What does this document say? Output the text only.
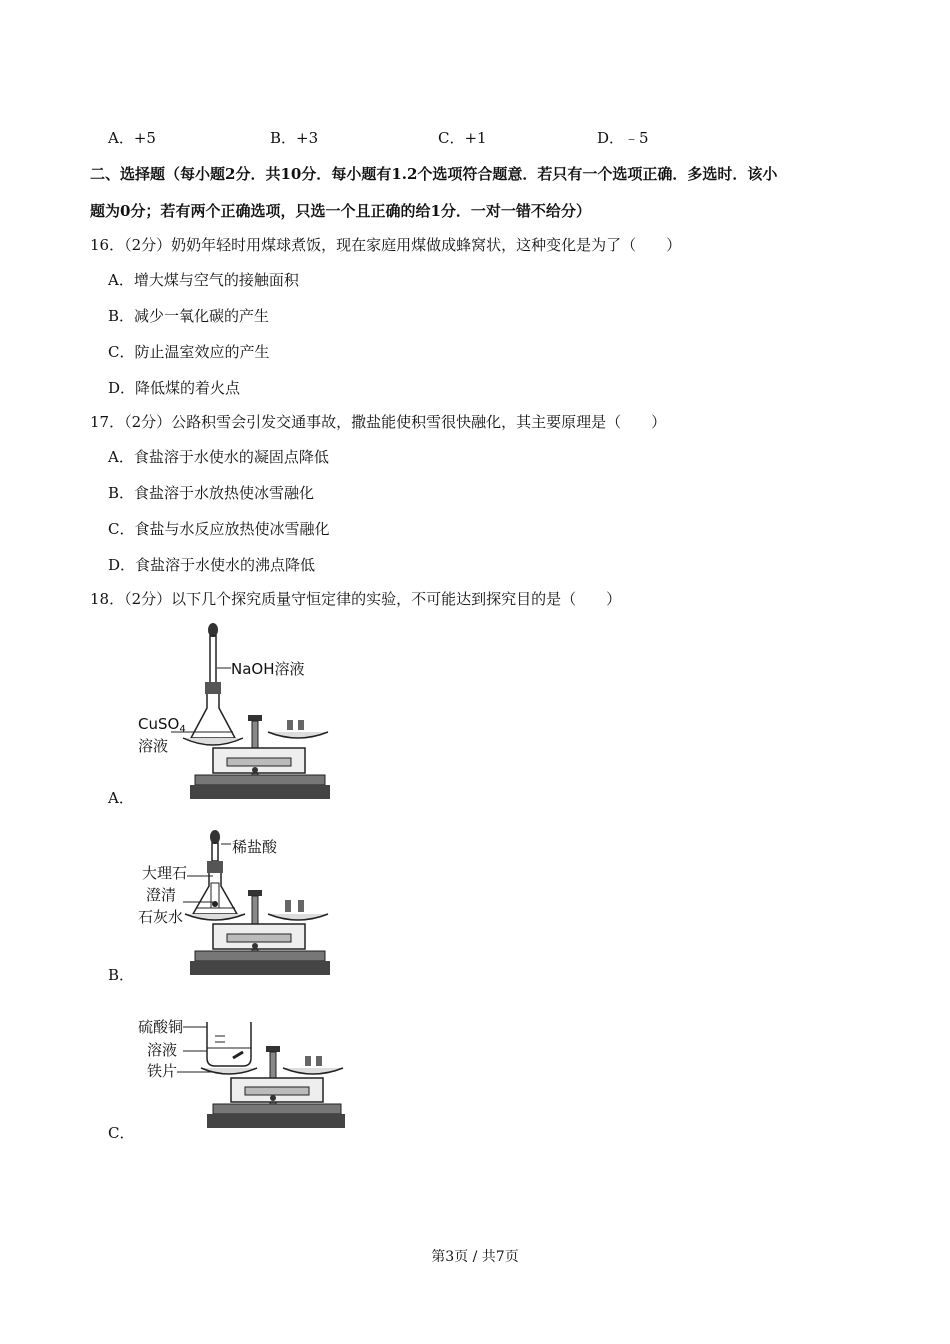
A．+5	B．+3	C．+1	D．﹣5
二、选择题（每小题2分．共10分．每小题有1.2个选项符合题意．若只有一个选项正确．多选时．该小
题为0分；若有两个正确选项，只选一个且正确的给1分．一对一错不给分）
16．（2分）奶奶年轻时用煤球煮饭，现在家庭用煤做成蜂窝状，这种变化是为了（　　）
A．增大煤与空气的接触面积
B．减少一氧化碳的产生
C．防止温室效应的产生
D．降低煤的着火点
17．（2分）公路积雪会引发交通事故，撒盐能使积雪很快融化，其主要原理是（　　）
A．食盐溶于水使水的凝固点降低
B．食盐溶于水放热使冰雪融化
C．食盐与水反应放热使冰雪融化
D．食盐溶于水使水的沸点降低
18．（2分）以下几个探究质量守恒定律的实验，不可能达到探究目的是（　　）
A．
NaOH溶液
CuSO$_4$
溶液
B．
稀盐酸
大理石
澄清
石灰水
C．
硫酸铜
溶液
铁片
第3页 / 共7页
